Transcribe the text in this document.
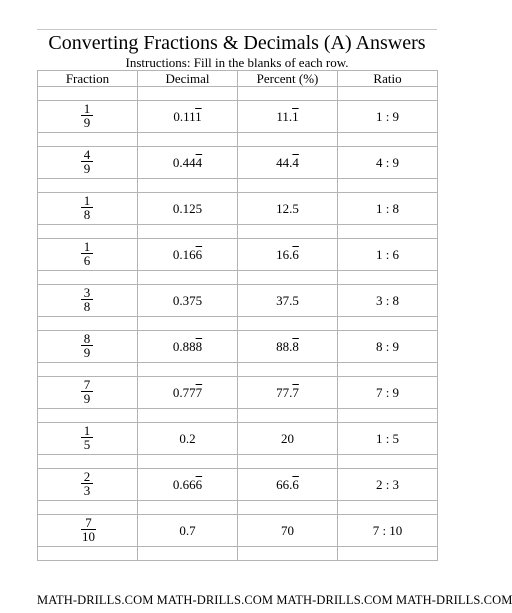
Converting Fractions & Decimals (A) Answers
Instructions: Fill in the blanks of each row.
Fraction	Decimal	Percent (%)	Ratio

$\frac{1}{9}$	0.111	11.1	1 : 9

$\frac{4}{9}$	0.444	44.4	4 : 9

$\frac{1}{8}$	0.125	12.5	1 : 8

$\frac{1}{6}$	0.166	16.6	1 : 6

$\frac{3}{8}$	0.375	37.5	3 : 8

$\frac{8}{9}$	0.888	88.8	8 : 9

$\frac{7}{9}$	0.777	77.7	7 : 9

$\frac{1}{5}$	0.2	20	1 : 5

$\frac{2}{3}$	0.666	66.6	2 : 3

$\frac{7}{10}$	0.7	70	7 : 10

MATH-DRILLS.COM MATH-DRILLS.COM MATH-DRILLS.COM MATH-DRILLS.COM
